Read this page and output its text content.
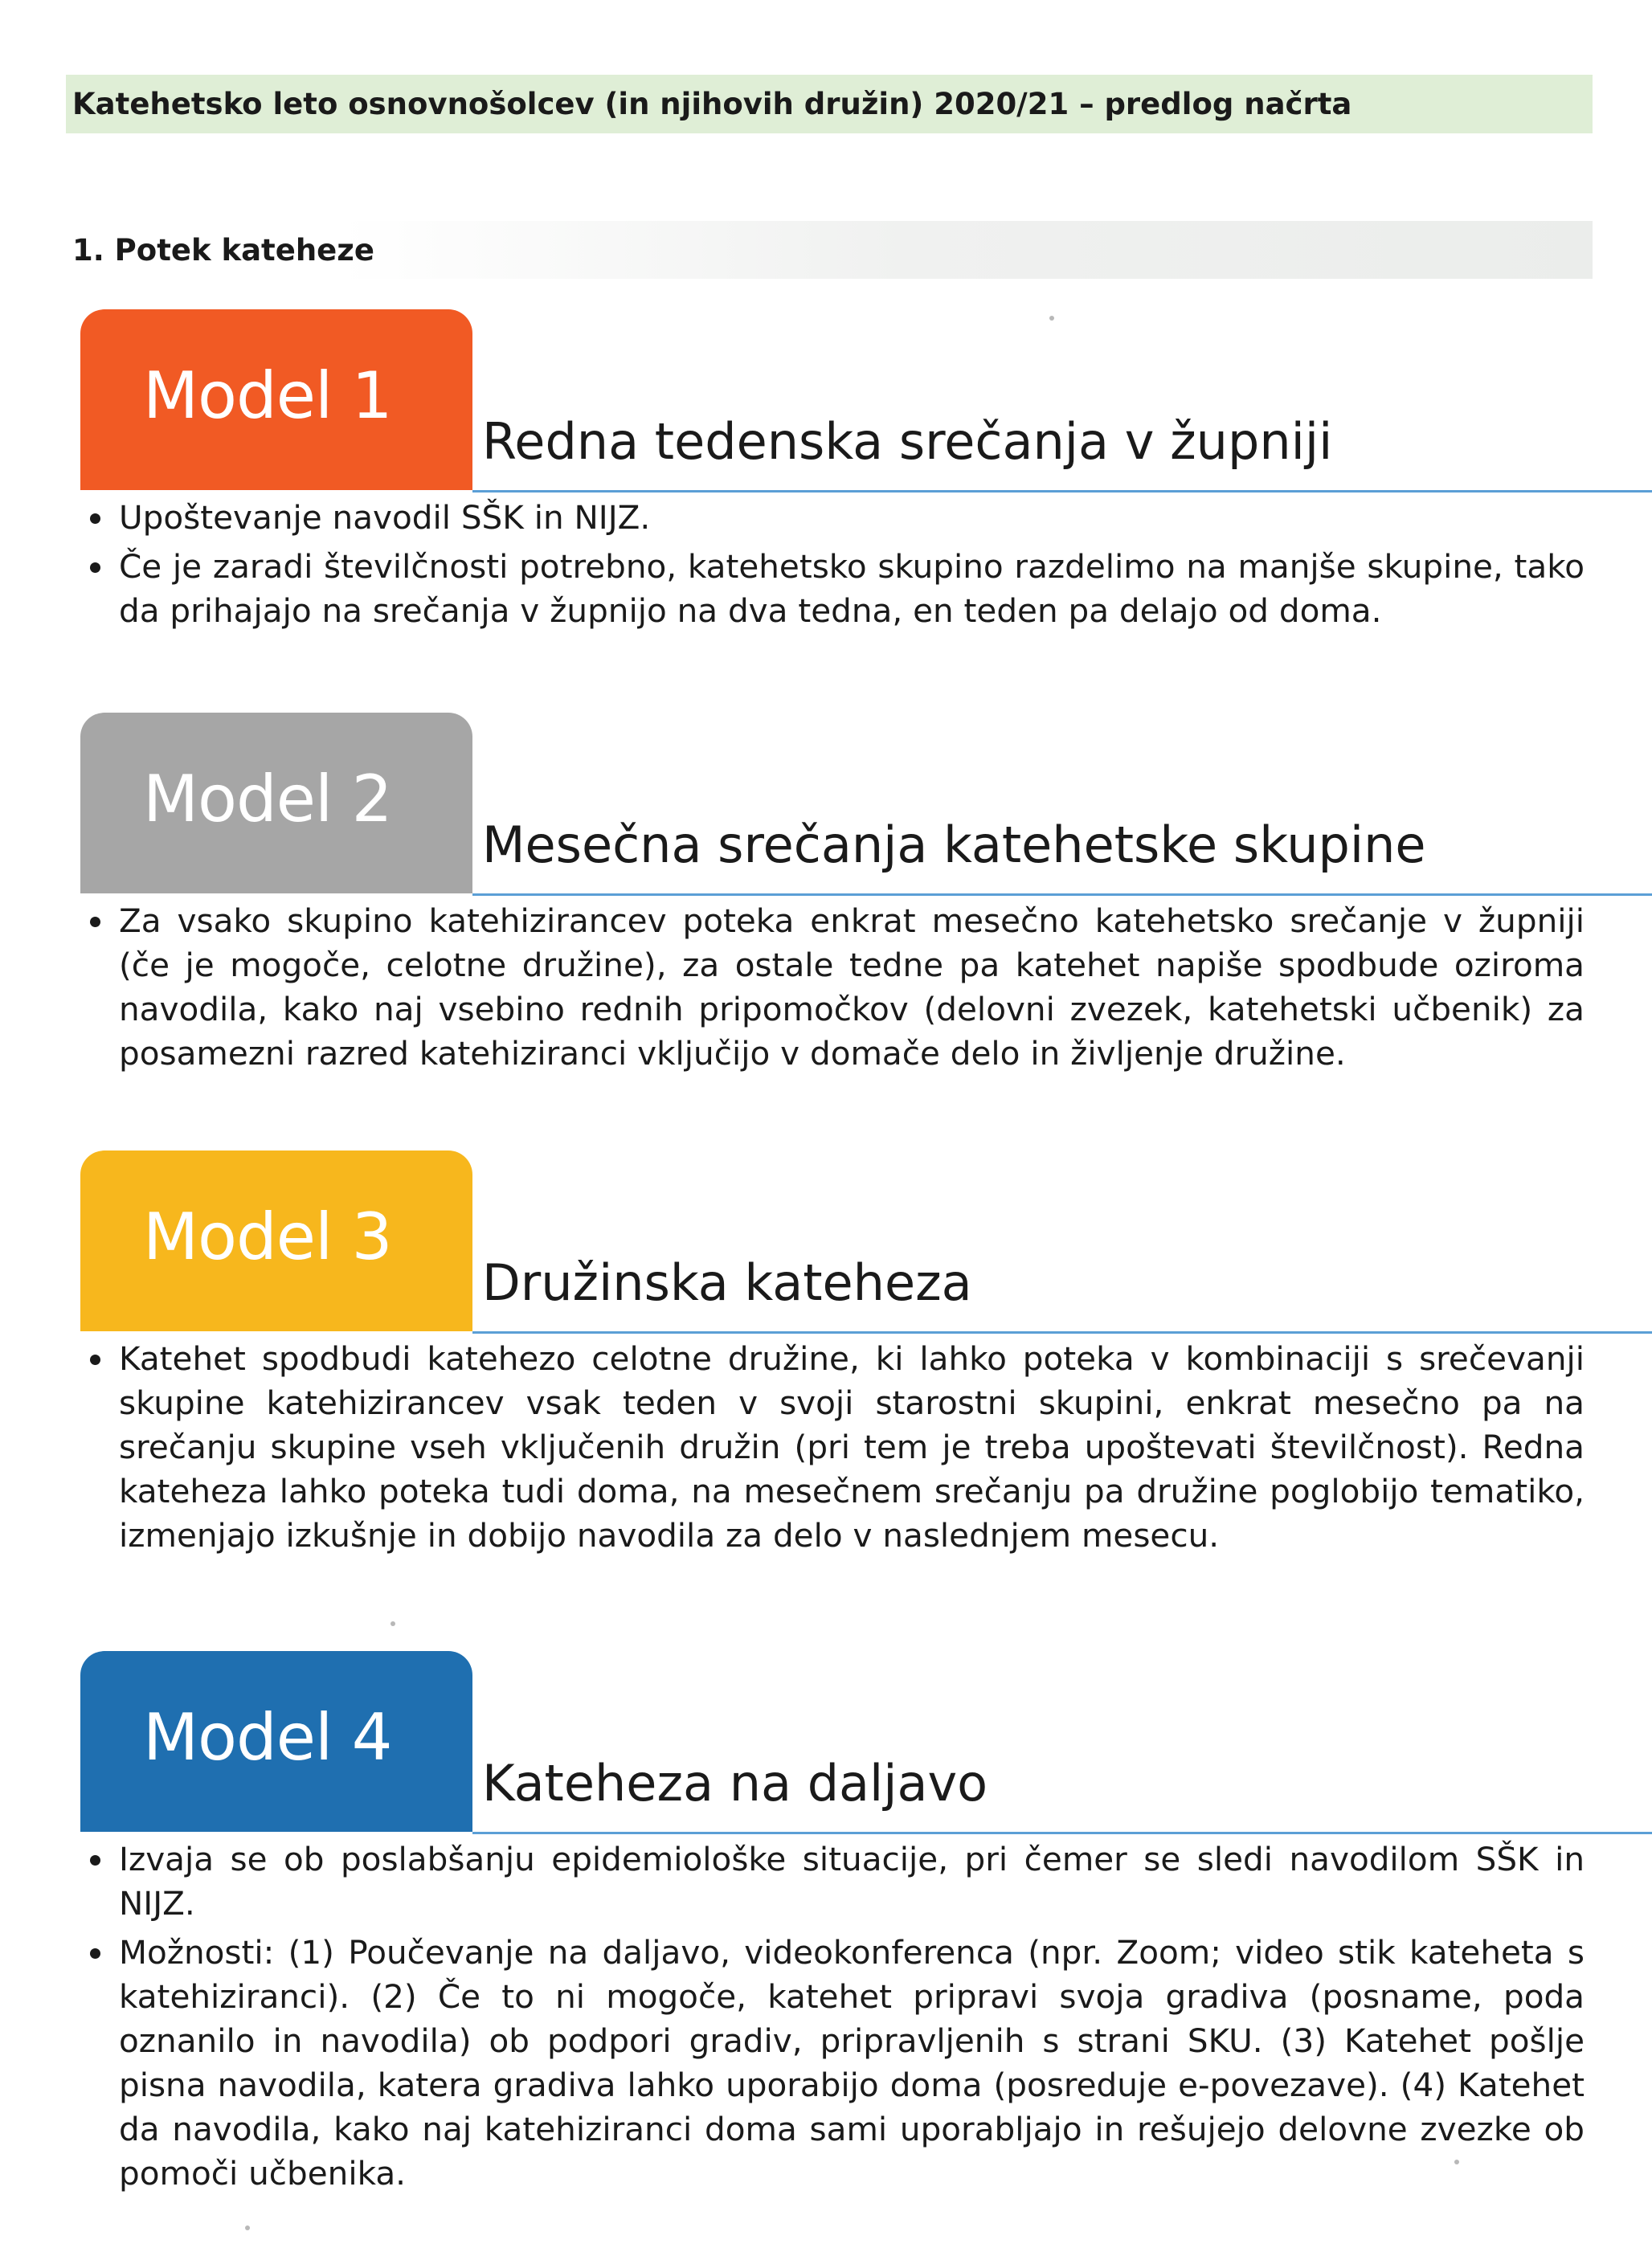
Katehetsko leto osnovnošolcev (in njihovih družin) 2020/21 – predlog načrta
1. Potek kateheze
Model 1
Redna tedenska srečanja v župniji
Upoštevanje navodil SŠK in NIJZ.
Če je zaradi številčnosti potrebno, katehetsko skupino razdelimo na manjše skupine, tako da prihajajo na srečanja v župnijo na dva tedna, en teden pa delajo od doma.
Model 2
Mesečna srečanja katehetske skupine
Za vsako skupino katehizirancev poteka enkrat mesečno katehetsko srečanje v župniji (če je mogoče, celotne družine), za ostale tedne pa katehet napiše spodbude oziroma navodila, kako naj vsebino rednih pripomočkov (delovni zvezek, katehetski učbenik) za posamezni razred katehiziranci vključijo v domače delo in življenje družine.
Model 3
Družinska kateheza
Katehet spodbudi katehezo celotne družine, ki lahko poteka v kombinaciji s srečevanji skupine katehizirancev vsak teden v svoji starostni skupini, enkrat mesečno pa na srečanju skupine vseh vključenih družin (pri tem je treba upoštevati številčnost). Redna kateheza lahko poteka tudi doma, na mesečnem srečanju pa družine poglobijo tematiko, izmenjajo izkušnje in dobijo navodila za delo v naslednjem mesecu.
Model 4
Kateheza na daljavo
Izvaja se ob poslabšanju epidemiološke situacije, pri čemer se sledi navodilom SŠK in NIJZ.
Možnosti: (1) Poučevanje na daljavo, videokonferenca (npr. Zoom; video stik kateheta s katehiziranci). (2) Če to ni mogoče, katehet pripravi svoja gradiva (posname, poda oznanilo in navodila) ob podpori gradiv, pripravljenih s strani SKU. (3) Katehet pošlje pisna navodila, katera gradiva lahko uporabijo doma (posreduje e-povezave). (4) Katehet da navodila, kako naj katehiziranci doma sami uporabljajo in rešujejo delovne zvezke ob pomoči učbenika.
